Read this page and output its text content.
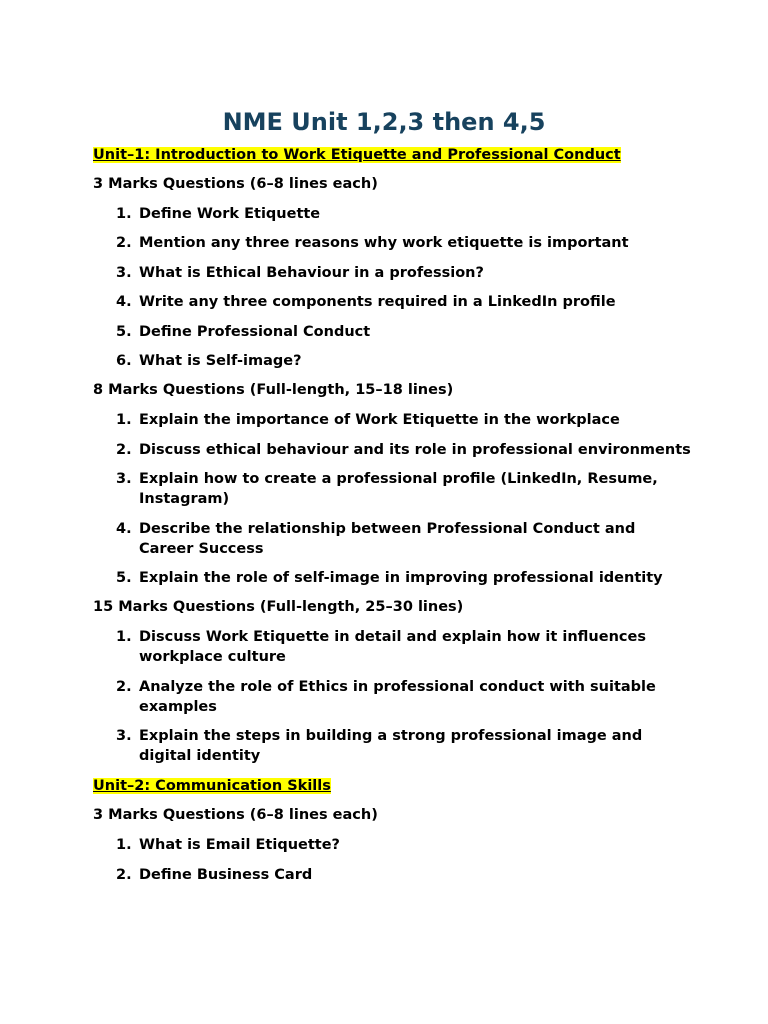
NME Unit 1,2,3 then 4,5
Unit–1: Introduction to Work Etiquette and Professional Conduct
3 Marks Questions (6–8 lines each)
1. Define Work Etiquette
2. Mention any three reasons why work etiquette is important
3. What is Ethical Behaviour in a profession?
4. Write any three components required in a LinkedIn profile
5. Define Professional Conduct
6. What is Self-image?
8 Marks Questions (Full-length, 15–18 lines)
1. Explain the importance of Work Etiquette in the workplace
2. Discuss ethical behaviour and its role in professional environments
3. Explain how to create a professional profile (LinkedIn, Resume, Instagram)
4. Describe the relationship between Professional Conduct and Career Success
5. Explain the role of self-image in improving professional identity
15 Marks Questions (Full-length, 25–30 lines)
1. Discuss Work Etiquette in detail and explain how it influences workplace culture
2. Analyze the role of Ethics in professional conduct with suitable examples
3. Explain the steps in building a strong professional image and digital identity
Unit–2: Communication Skills
3 Marks Questions (6–8 lines each)
1. What is Email Etiquette?
2. Define Business Card
